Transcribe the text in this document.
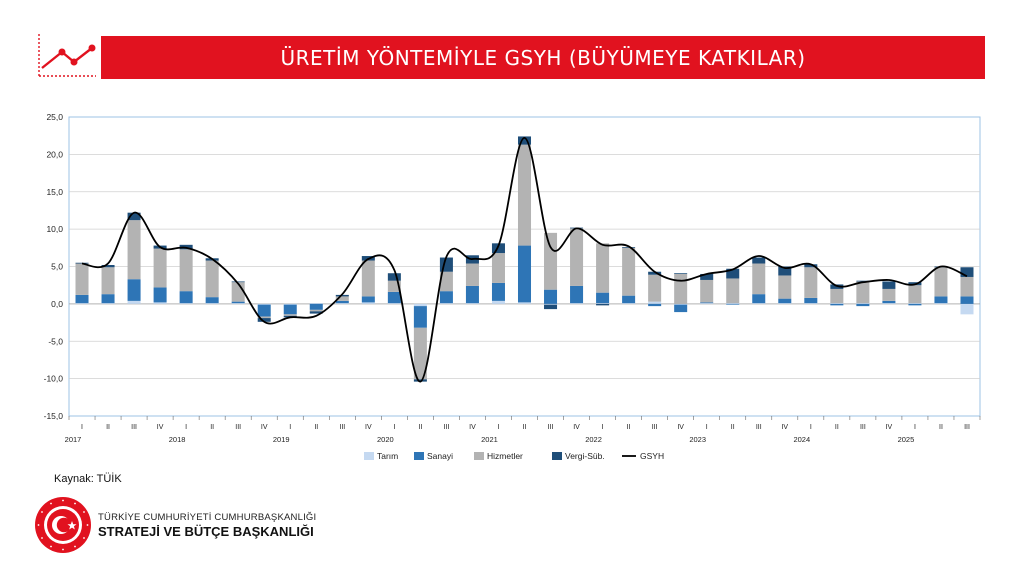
ÜRETİM YÖNTEMİYLE GSYH (BÜYÜMEYE KATKILAR)
-15,0
-10,0
-5,0
0,0
5,0
10,0
15,0
20,0
25,0
I	II	III	IV	I	II	III	IV	I	II	III	IV	I	II	III	IV	I	II	III	IV	I	II	III	IV	I	II	III	IV	I	II	III	IV	I	II	III
2017	2018	2019	2020	2021	2022	2023	2024	2025
Tarım	Sanayi	Hizmetler	Vergi-Süb.	GSYH
Kaynak: TÜİK
TÜRKİYE CUMHURİYETİ CUMHURBAŞKANLIĞI
STRATEJİ VE BÜTÇE BAŞKANLIĞI
